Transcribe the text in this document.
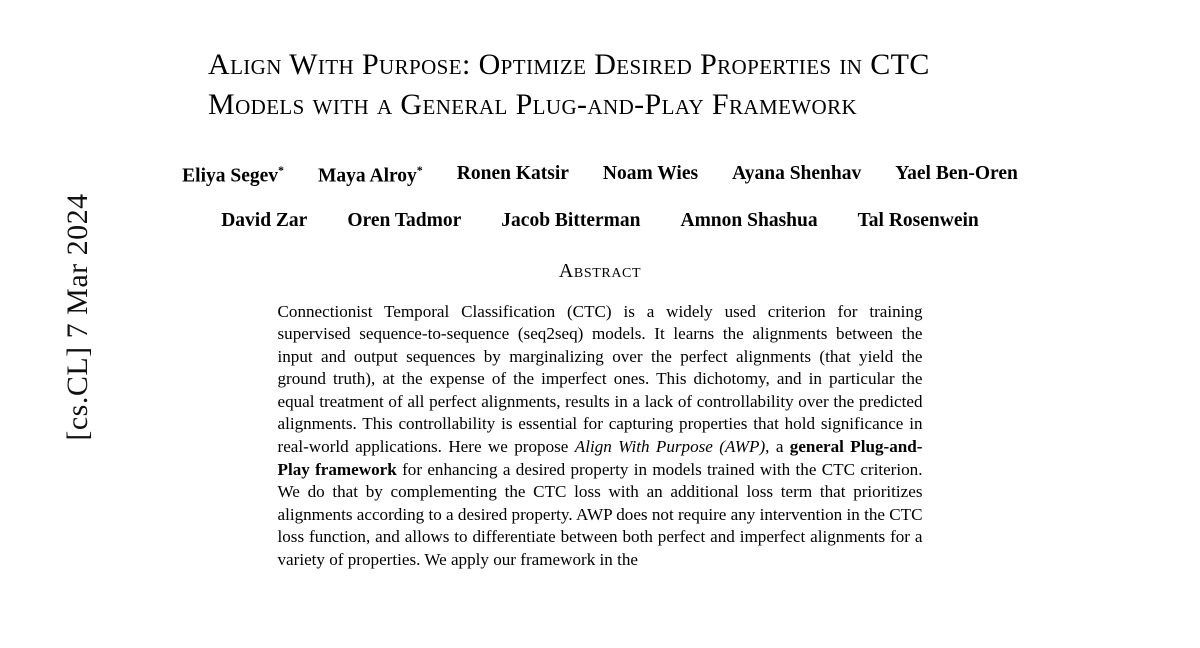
[cs.CL] 7 Mar 2024
Align With Purpose: Optimize Desired Properties in CTC Models with a General Plug-and-Play Framework
Eliya Segev* Maya Alroy* Ronen Katsir Noam Wies Ayana Shenhav Yael Ben-Oren
David Zar Oren Tadmor Jacob Bitterman Amnon Shashua Tal Rosenwein
Abstract
Connectionist Temporal Classification (CTC) is a widely used criterion for training supervised sequence-to-sequence (seq2seq) models. It learns the alignments between the input and output sequences by marginalizing over the perfect alignments (that yield the ground truth), at the expense of the imperfect ones. This dichotomy, and in particular the equal treatment of all perfect alignments, results in a lack of controllability over the predicted alignments. This controllability is essential for capturing properties that hold significance in real-world applications. Here we propose Align With Purpose (AWP), a general Plug-and-Play framework for enhancing a desired property in models trained with the CTC criterion. We do that by complementing the CTC loss with an additional loss term that prioritizes alignments according to a desired property. AWP does not require any intervention in the CTC loss function, and allows to differentiate between both perfect and imperfect alignments for a variety of properties. We apply our framework in the
